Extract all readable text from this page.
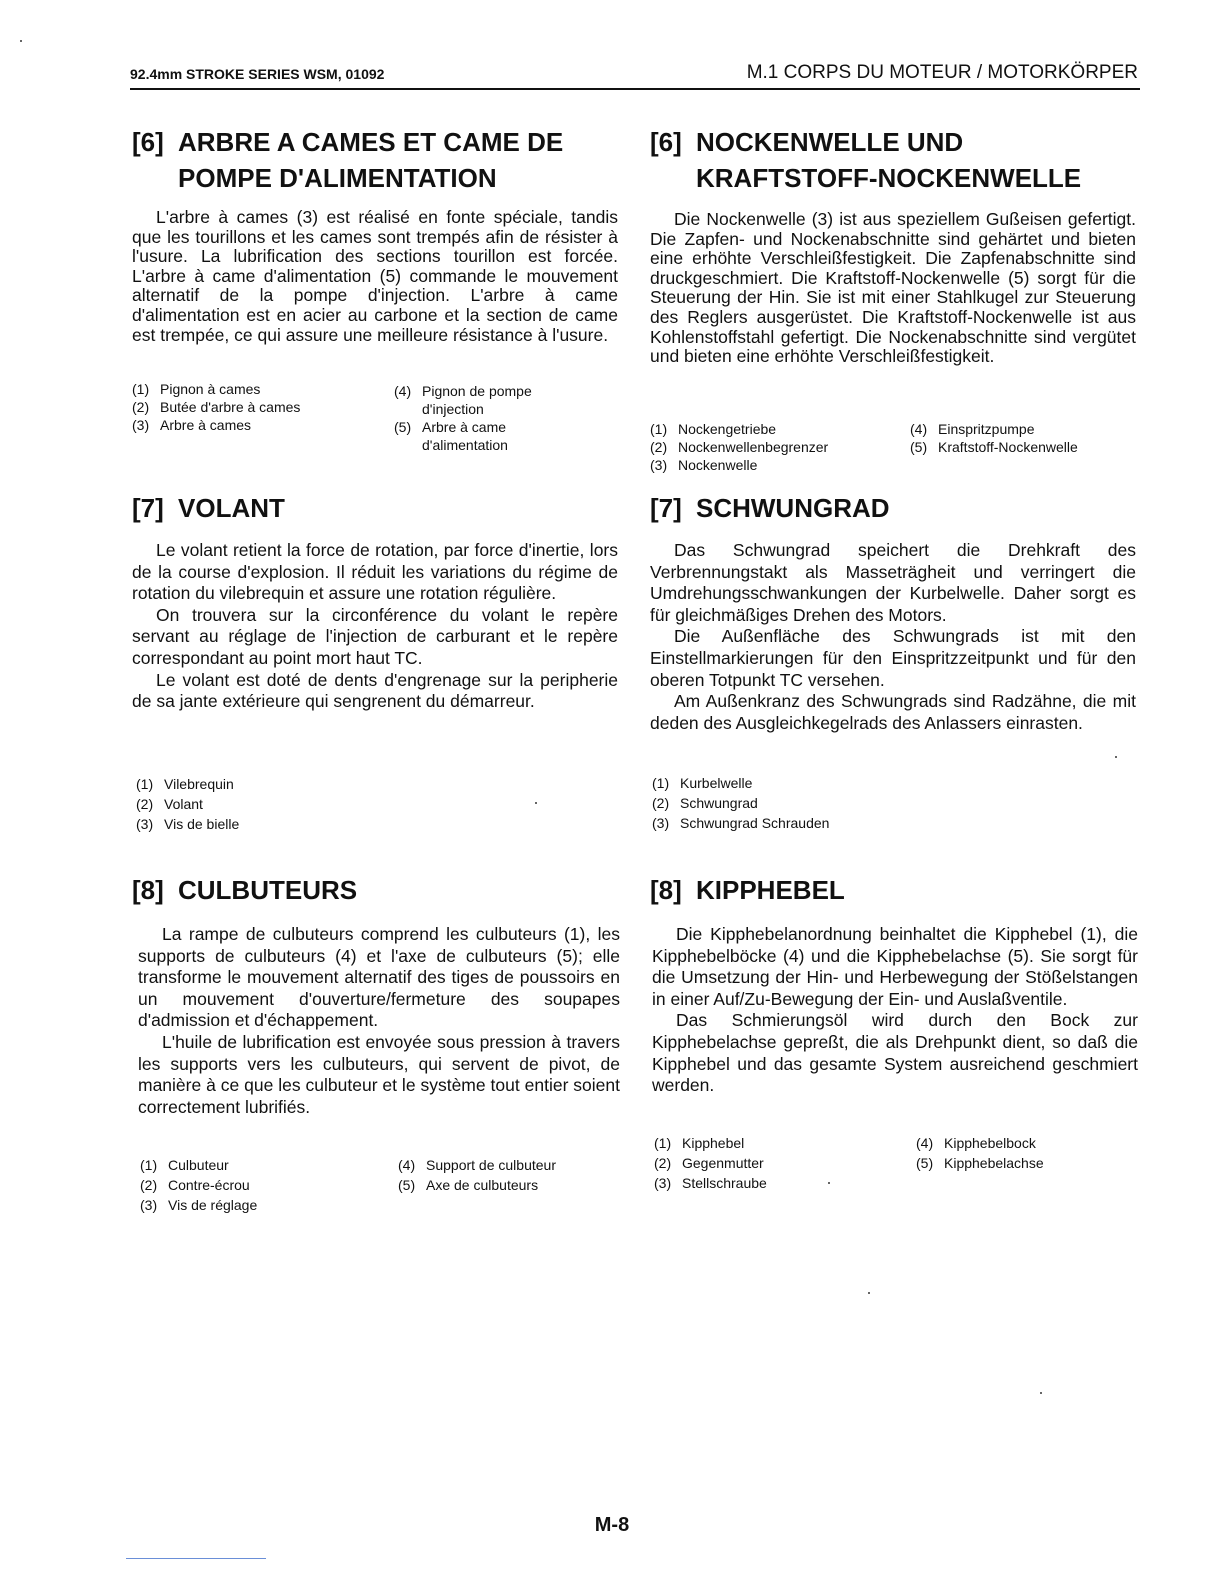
92.4mm STROKE SERIES WSM, 01092	M.1 CORPS DU MOTEUR / MOTORKÖRPER
[6] ARBRE A CAMES ET CAME DE
POMPE D'ALIMENTATION

L'arbre à cames (3) est réalisé en fonte spéciale, tandis que les tourillons et les cames sont trempés afin de résister à l'usure. La lubrification des sections tourillon est forcée. L'arbre à came d'alimentation (5) commande le mouvement alternatif de la pompe d'injection. L'arbre à came d'alimentation est en acier au carbone et la section de came est trempée, ce qui assure une meilleure résistance à l'usure.

(1) Pignon à cames
(2) Butée d'arbre à cames
(3) Arbre à cames
(4) Pignon de pompe
d'injection
(5) Arbre à came
d'alimentation
[7] VOLANT

Le volant retient la force de rotation, par force d'inertie, lors de la course d'explosion. Il réduit les variations du régime de rotation du vilebrequin et assure une rotation régulière.

On trouvera sur la circonférence du volant le repère servant au réglage de l'injection de carburant et le repère correspondant au point mort haut TC.

Le volant est doté de dents d'engrenage sur la peripherie de sa jante extérieure qui sengrenent du démarreur.

(1) Vilebrequin
(2) Volant
(3) Vis de bielle
[8] CULBUTEURS

La rampe de culbuteurs comprend les culbuteurs (1), les supports de culbuteurs (4) et l'axe de culbuteurs (5); elle transforme le mouvement alternatif des tiges de poussoirs en un mouvement d'ouverture/fermeture des soupapes d'admission et d'échappement.

L'huile de lubrification est envoyée sous pression à travers les supports vers les culbuteurs, qui servent de pivot, de manière à ce que les culbuteur et le système tout entier soient correctement lubrifiés.

(1) Culbuteur
(2) Contre-écrou
(3) Vis de réglage
(4) Support de culbuteur
(5) Axe de culbuteurs
[6] NOCKENWELLE UND
KRAFTSTOFF-NOCKENWELLE

Die Nockenwelle (3) ist aus speziellem Gußeisen gefertigt. Die Zapfen- und Nockenabschnitte sind gehärtet und bieten eine erhöhte Verschleißfestigkeit. Die Zapfenabschnitte sind druckgeschmiert. Die Kraftstoff-Nockenwelle (5) sorgt für die Steuerung der Hin. Sie ist mit einer Stahlkugel zur Steuerung des Reglers ausgerüstet. Die Kraftstoff-Nockenwelle ist aus Kohlenstoffstahl gefertigt. Die Nockenabschnitte sind vergütet und bieten eine erhöhte Verschleißfestigkeit.

(1) Nockengetriebe
(2) Nockenwellenbegrenzer
(3) Nockenwelle
(4) Einspritzpumpe
(5) Kraftstoff-Nockenwelle
[7] SCHWUNGRAD

Das Schwungrad speichert die Drehkraft des Verbrennungstakt als Masseträgheit und verringert die Umdrehungsschwankungen der Kurbelwelle. Daher sorgt es für gleichmäßiges Drehen des Motors.

Die Außenfläche des Schwungrads ist mit den Einstellmarkierungen für den Einspritzzeitpunkt und für den oberen Totpunkt TC versehen.

Am Außenkranz des Schwungrads sind Radzähne, die mit deden des Ausgleichkegelrads des Anlassers einrasten.

(1) Kurbelwelle
(2) Schwungrad
(3) Schwungrad Schrauden
[8] KIPPHEBEL

Die Kipphebelanordnung beinhaltet die Kipphebel (1), die Kipphebelböcke (4) und die Kipphebelachse (5). Sie sorgt für die Umsetzung der Hin- und Herbewegung der Stößelstangen in einer Auf/Zu-Bewegung der Ein- und Auslaßventile.

Das Schmierungsöl wird durch den Bock zur Kipphebelachse gepreßt, die als Drehpunkt dient, so daß die Kipphebel und das gesamte System ausreichend geschmiert werden.

(1) Kipphebel
(2) Gegenmutter
(3) Stellschraube
(4) Kipphebelbock
(5) Kipphebelachse
M-8
